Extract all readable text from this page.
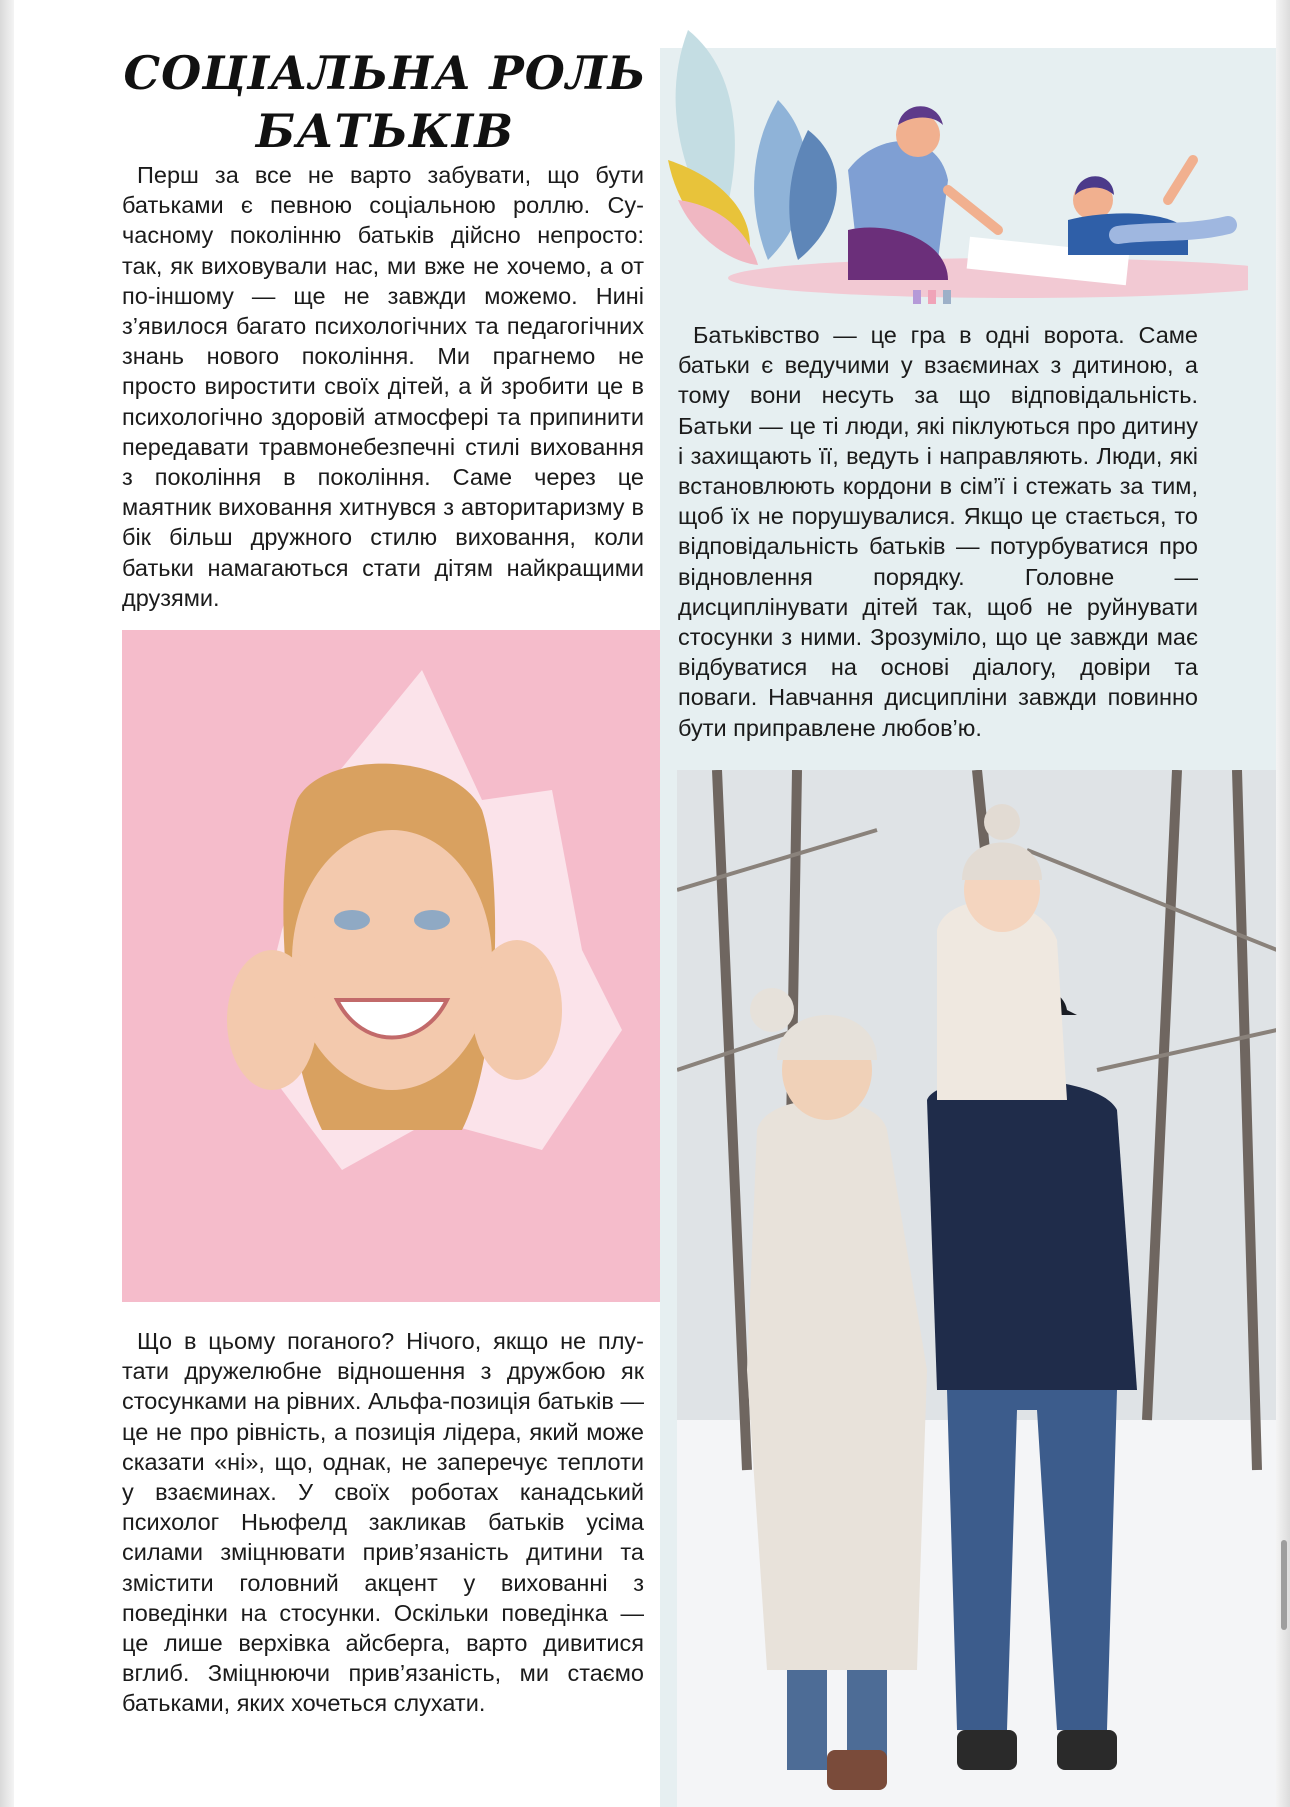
СОЦІАЛЬНА РОЛЬ
БАТЬКІВ

Перш за все не варто забувати, що бути батьками є певною соціальною роллю. Сучасному поколінню батьків дійсно непросто: так, як виховували нас, ми вже не хочемо, а от по-іншому — ще не завжди можемо. Нині з’явилося багато психологічних та педагогічних знань нового покоління. Ми прагнемо не просто виростити своїх дітей, а й зробити це в психологічно здоровій атмосфері та припинити передавати травмонебезпечні стилі виховання з покоління в покоління. Саме через це маятник виховання хитнувся з авторитаризму в бік більш дружного стилю виховання, коли батьки намагаються стати дітям найкращими друзями.

Батьківство — це гра в одні ворота. Саме батьки є ведучими у взаєминах з дитиною, а тому вони несуть за що відповідальність. Батьки — це ті люди, які піклуються про дитину і захищають її, ведуть і направляють. Люди, які встановлюють кордони в сім’ї і стежать за тим, щоб їх не порушувалися. Якщо це стається, то відповідальність батьків — потурбуватися про відновлення порядку. Головне — дисциплінувати дітей так, щоб не руйнувати стосунки з ними. Зрозуміло, що це завжди має відбуватися на основі діалогу, довіри та поваги. Навчання дисципліни завжди повинно бути приправлене любов’ю.

Що в цьому поганого? Нічого, якщо не плутати дружелюбне відношення з дружбою як стосунками на рівних. Альфа-позиція батьків — це не про рівність, а позиція лідера, який може сказати «ні», що, однак, не заперечує теплоти у взаєминах. У своїх роботах канадський психолог Ньюфелд закликав батьків усіма силами зміцнювати прив’язаність дитини та змістити головний акцент у вихованні з поведінки на стосунки. Оскільки поведінка — це лише верхівка айсберга, варто дивитися вглиб. Зміцнюючи прив’язаність, ми стаємо батьками, яких хочеться слухати.
